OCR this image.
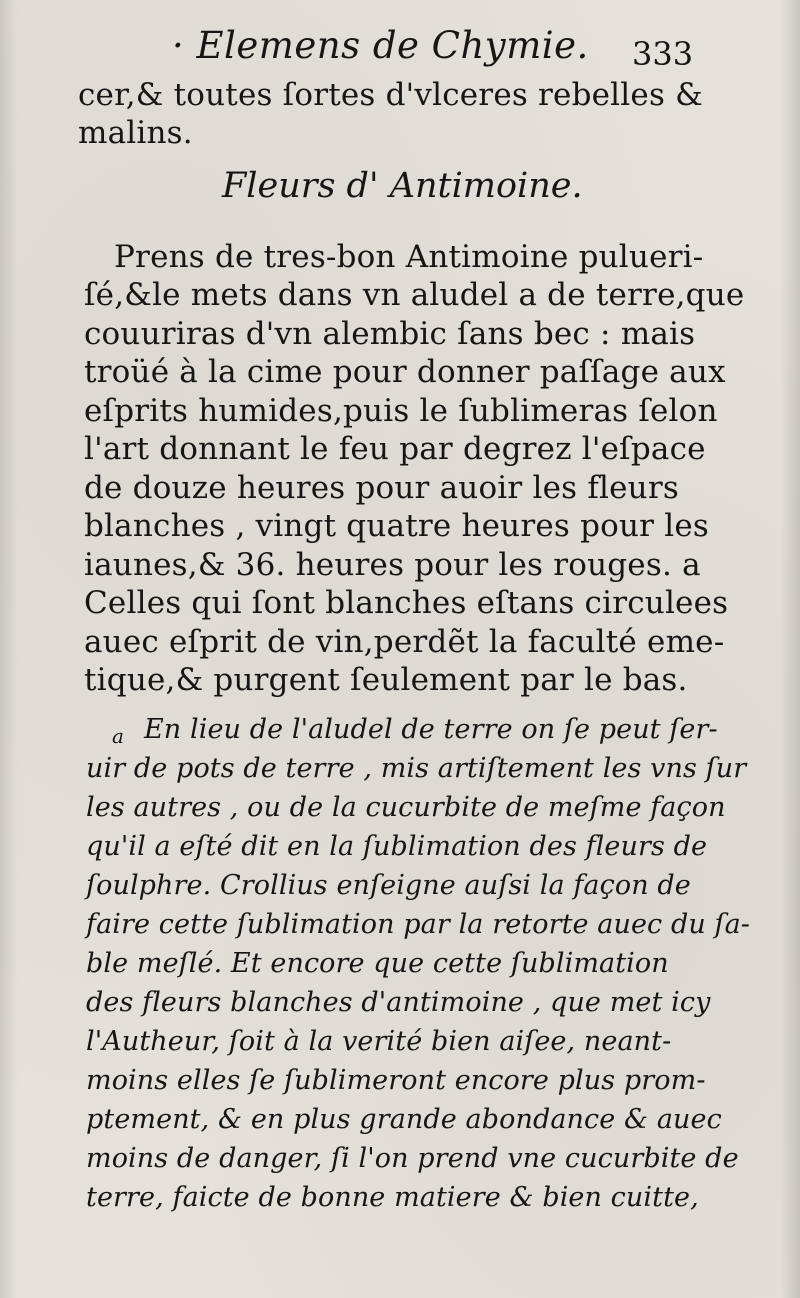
· Elemens de Chymie. 333

cer,& toutes ſortes d'vlceres rebelles &

malins.

Fleurs d' Antimoine.

Prens de tres-bon Antimoine pulueri-

ſé,&le mets dans vn aludel a de terre,que

couuriras d'vn alembic ſans bec : mais

troüé à la cime pour donner paſſage aux

eſprits humides,puis le ſublimeras ſelon

l'art donnant le feu par degrez l'eſpace

de douze heures pour auoir les fleurs

blanches , vingt quatre heures pour les

iaunes,& 36. heures pour les rouges. a

Celles qui ſont blanches eſtans circulees

auec eſprit de vin,perdẽt la faculté eme-

tique,& purgent ſeulement par le bas.

a En lieu de l'aludel de terre on ſe peut ſer-

uir de pots de terre , mis artiſtement les vns ſur

les autres , ou de la cucurbite de meſme façon

qu'il a eſté dit en la ſublimation des fleurs de

ſoulphre. Crollius enſeigne auſsi la façon de

faire cette ſublimation par la retorte auec du ſa-

ble meſlé. Et encore que cette ſublimation

des fleurs blanches d'antimoine , que met icy

l'Autheur, ſoit à la verité bien aiſee, neant-

moins elles ſe ſublimeront encore plus prom-

ptement, & en plus grande abondance & auec

moins de danger, ſi l'on prend vne cucurbite de

terre, faicte de bonne matiere & bien cuitte,
